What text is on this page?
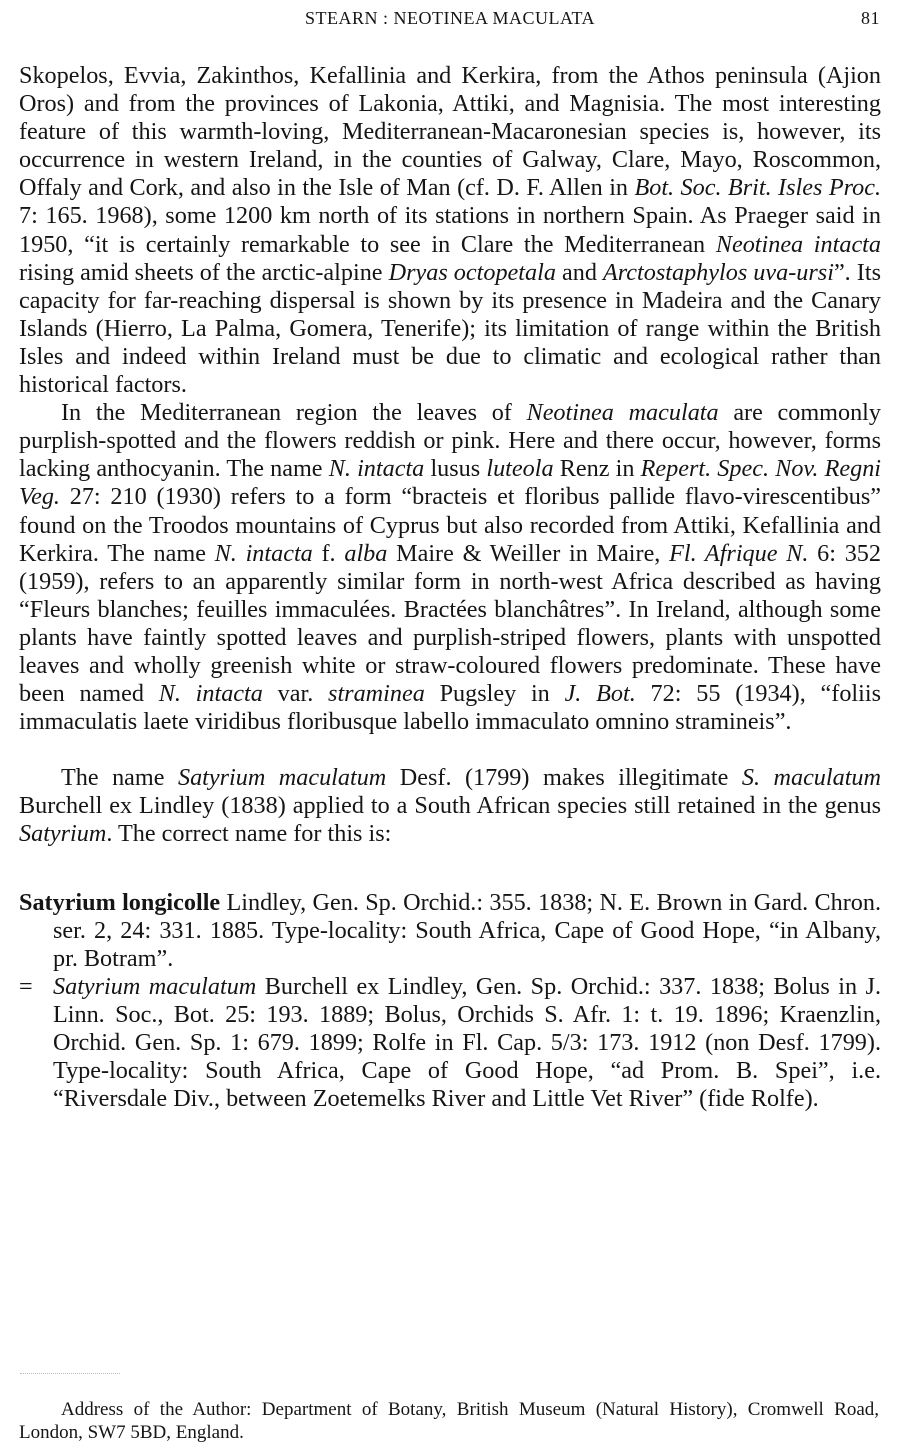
STEARN : NEOTINEA MACULATA	81

Skopelos, Evvia, Zakinthos, Kefallinia and Kerkira, from the Athos peninsula (Ajion Oros) and from the provinces of Lakonia, Attiki, and Magnisia. The most interesting feature of this warmth-loving, Mediterranean-Macaronesian species is, however, its occurrence in western Ireland, in the counties of Galway, Clare, Mayo, Roscommon, Offaly and Cork, and also in the Isle of Man (cf. D. F. Allen in Bot. Soc. Brit. Isles Proc. 7: 165. 1968), some 1200 km north of its stations in northern Spain. As Praeger said in 1950, “it is certainly remarkable to see in Clare the Mediterranean Neotinea intacta rising amid sheets of the arctic-alpine Dryas octopetala and Arctostaphylos uva-ursi”. Its capacity for far-reaching dispersal is shown by its presence in Madeira and the Canary Islands (Hierro, La Palma, Gomera, Tenerife); its limitation of range within the British Isles and indeed within Ireland must be due to climatic and ecological rather than historical factors.

In the Mediterranean region the leaves of Neotinea maculata are commonly purplish-spotted and the flowers reddish or pink. Here and there occur, however, forms lacking anthocyanin. The name N. intacta lusus luteola Renz in Repert. Spec. Nov. Regni Veg. 27: 210 (1930) refers to a form “bracteis et floribus pallide flavo-virescentibus” found on the Troodos mountains of Cyprus but also recorded from Attiki, Kefallinia and Kerkira. The name N. intacta f. alba Maire & Weiller in Maire, Fl. Afrique N. 6: 352 (1959), refers to an apparently similar form in north-west Africa described as having “Fleurs blanches; feuilles immaculées. Bractées blanchâtres”. In Ireland, although some plants have faintly spotted leaves and purplish-striped flowers, plants with unspotted leaves and wholly greenish white or straw-coloured flowers predominate. These have been named N. intacta var. straminea Pugsley in J. Bot. 72: 55 (1934), “foliis immaculatis laete viridibus floribusque labello immaculato omnino stramineis”.

The name Satyrium maculatum Desf. (1799) makes illegitimate S. maculatum Burchell ex Lindley (1838) applied to a South African species still retained in the genus Satyrium. The correct name for this is:

Satyrium longicolle Lindley, Gen. Sp. Orchid.: 355. 1838; N. E. Brown in Gard. Chron. ser. 2, 24: 331. 1885. Type-locality: South Africa, Cape of Good Hope, “in Albany, pr. Botram”.

= Satyrium maculatum Burchell ex Lindley, Gen. Sp. Orchid.: 337. 1838; Bolus in J. Linn. Soc., Bot. 25: 193. 1889; Bolus, Orchids S. Afr. 1: t. 19. 1896; Kraenzlin, Orchid. Gen. Sp. 1: 679. 1899; Rolfe in Fl. Cap. 5/3: 173. 1912 (non Desf. 1799). Type-locality: South Africa, Cape of Good Hope, “ad Prom. B. Spei”, i.e. “Riversdale Div., between Zoetemelks River and Little Vet River” (fide Rolfe).

Address of the Author: Department of Botany, British Museum (Natural History), Cromwell Road, London, SW7 5BD, England.
